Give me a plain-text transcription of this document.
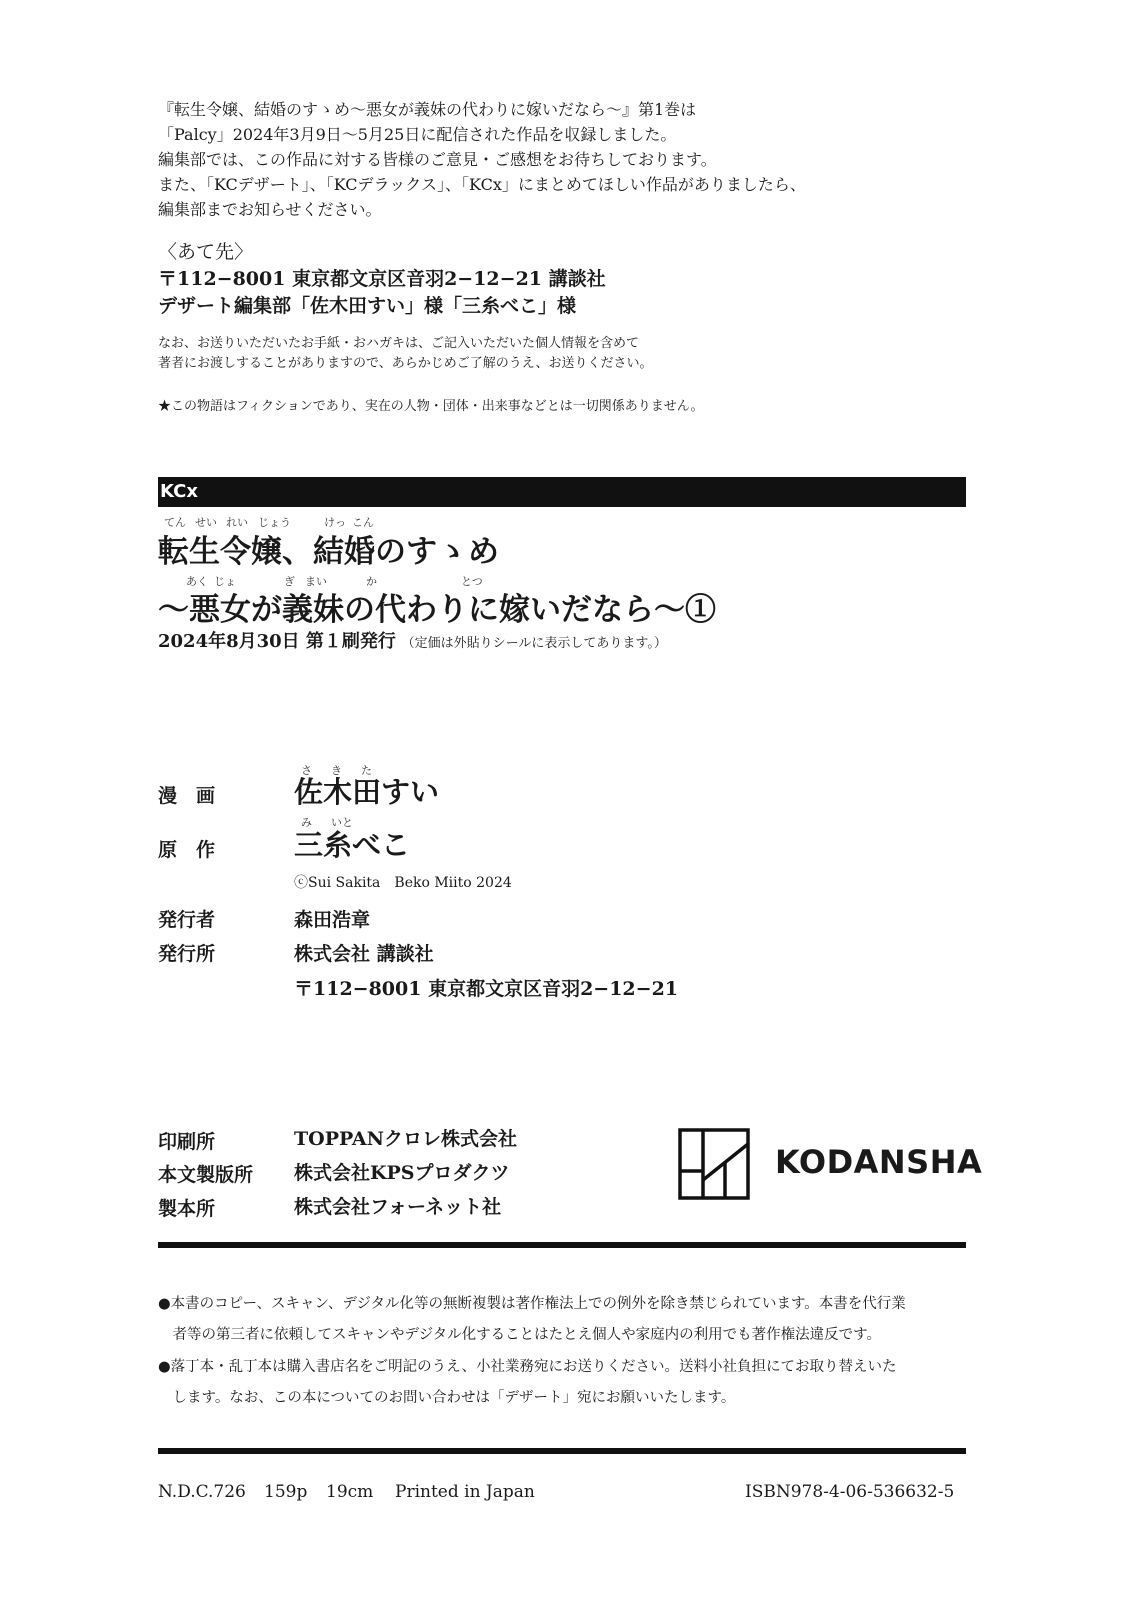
『転生令嬢、結婚のすゝめ〜悪女が義妹の代わりに嫁いだなら〜』第1巻は
「Palcy」2024年3月9日〜5月25日に配信された作品を収録しました。
編集部では、この作品に対する皆様のご意見・ご感想をお待ちしております。
また、「KCデザート」、「KCデラックス」、「KCx」にまとめてほしい作品がありましたら、
編集部までお知らせください。
〈あて先〉
〒112−8001 東京都文京区音羽2−12−21 講談社
デザート編集部「佐木田すい」様「三糸べこ」様
なお、お送りいただいたお手紙・おハガキは、ご記入いただいた個人情報を含めて
著者にお渡しすることがありますので、あらかじめご了解のうえ、お送りください。
★この物語はフィクションであり、実在の人物・団体・出来事などとは一切関係ありません。
KCx
てん せい れい じょう	けっ こん
転生令嬢、結婚のすゝめ
あく じょ	ぎ まい	か	とつ
〜悪女が義妹の代わりに嫁いだなら〜①
2024年8月30日 第１刷発行 （定価は外貼りシールに表示してあります。）
さ き た
漫　画	佐木田すい
み いと
原　作	三糸べこ
ⓒSui Sakita　Beko Miito 2024
発行者	森田浩章
発行所	株式会社 講談社
〒112−8001 東京都文京区音羽2−12−21
印刷所	TOPPANクロレ株式会社
本文製版所 株式会社KPSプロダクツ
製本所	株式会社フォーネット社
KODANSHA
●本書のコピー、スキャン、デジタル化等の無断複製は著作権法上での例外を除き禁じられています。本書を代行業
　者等の第三者に依頼してスキャンやデジタル化することはたとえ個人や家庭内の利用でも著作権法違反です。
●落丁本・乱丁本は購入書店名をご明記のうえ、小社業務宛にお送りください。送料小社負担にてお取り替えいた
　します。なお、この本についてのお問い合わせは「デザート」宛にお願いいたします。
N.D.C.726 159p 19cm Printed in Japan	ISBN978-4-06-536632-5
